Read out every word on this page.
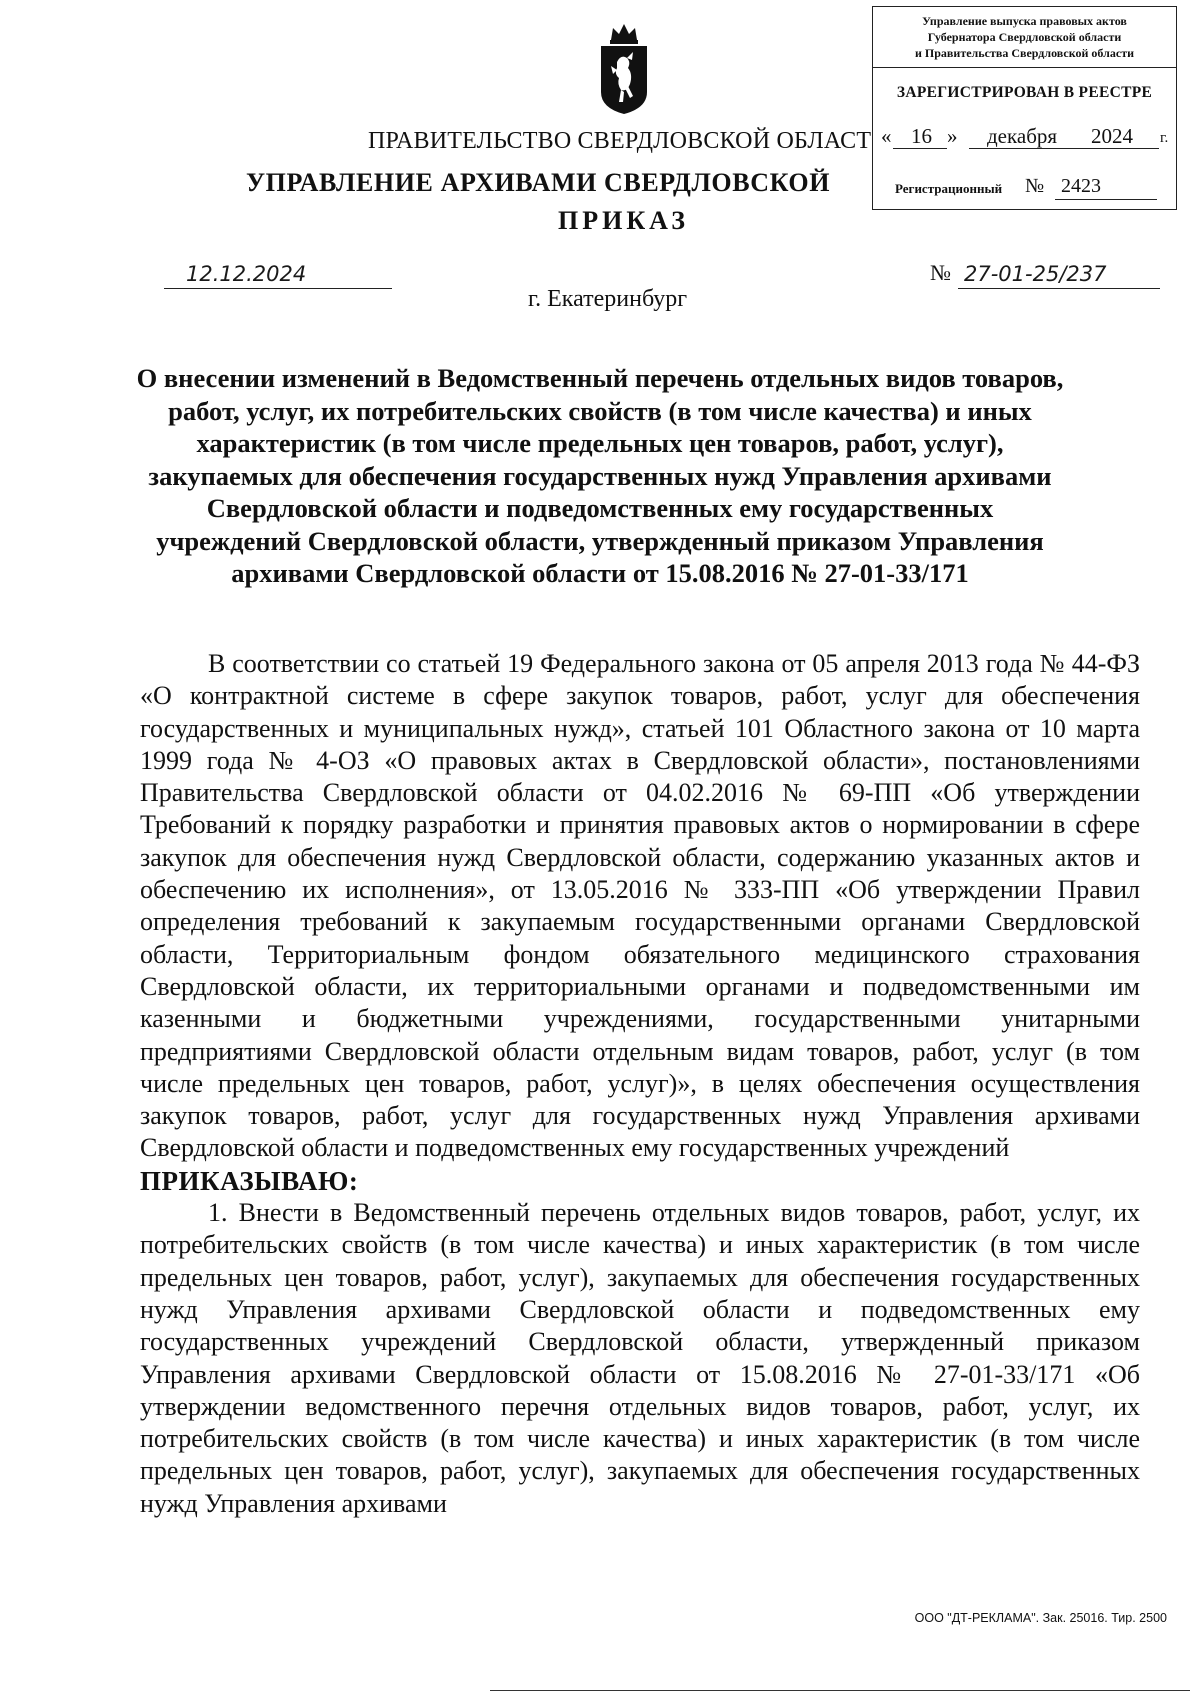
Управление выпуска правовых актов
Губернатора Свердловской области
и Правительства Свердловской области
ЗАРЕГИСТРИРОВАН В РЕЕСТРЕ
« 16 » декабря 2024 г.
Регистрационный № 2423
ПРАВИТЕЛЬСТВО СВЕРДЛОВСКОЙ ОБЛАСТ
УПРАВЛЕНИЕ АРХИВАМИ СВЕРДЛОВСКОЙ
ПРИКАЗ
12.12.2024	№ 27-01-25/237
г. Екатеринбург
О внесении изменений в Ведомственный перечень отдельных видов товаров,
работ, услуг, их потребительских свойств (в том числе качества) и иных
характеристик (в том числе предельных цен товаров, работ, услуг),
закупаемых для обеспечения государственных нужд Управления архивами
Свердловской области и подведомственных ему государственных
учреждений Свердловской области, утвержденный приказом Управления
архивами Свердловской области от 15.08.2016 № 27-01-33/171

В соответствии со статьей 19 Федерального закона от 05 апреля 2013 года № 44-ФЗ «О контрактной системе в сфере закупок товаров, работ, услуг для обеспечения государственных и муниципальных нужд», статьей 101 Областного закона от 10 марта 1999 года № 4-ОЗ «О правовых актах в Свердловской области», постановлениями Правительства Свердловской области от 04.02.2016 № 69-ПП «Об утверждении Требований к порядку разработки и принятия правовых актов о нормировании в сфере закупок для обеспечения нужд Свердловской области, содержанию указанных актов и обеспечению их исполнения», от 13.05.2016 № 333-ПП «Об утверждении Правил определения требований к закупаемым государственными органами Свердловской области, Территориальным фондом обязательного медицинского страхования Свердловской области, их территориальными органами и подведомственными им казенными и бюджетными учреждениями, государственными унитарными предприятиями Свердловской области отдельным видам товаров, работ, услуг (в том числе предельных цен товаров, работ, услуг)», в целях обеспечения осуществления закупок товаров, работ, услуг для государственных нужд Управления архивами Свердловской области и подведомственных ему государственных учреждений

ПРИКАЗЫВАЮ:

1. Внести в Ведомственный перечень отдельных видов товаров, работ, услуг, их потребительских свойств (в том числе качества) и иных характеристик (в том числе предельных цен товаров, работ, услуг), закупаемых для обеспечения государственных нужд Управления архивами Свердловской области и подведомственных ему государственных учреждений Свердловской области, утвержденный приказом Управления архивами Свердловской области от 15.08.2016 № 27-01-33/171 «Об утверждении ведомственного перечня отдельных видов товаров, работ, услуг, их потребительских свойств (в том числе качества) и иных характеристик (в том числе предельных цен товаров, работ, услуг), закупаемых для обеспечения государственных нужд Управления архивами

ООО "ДТ-РЕКЛАМА". Зак. 25016. Тир. 2500
